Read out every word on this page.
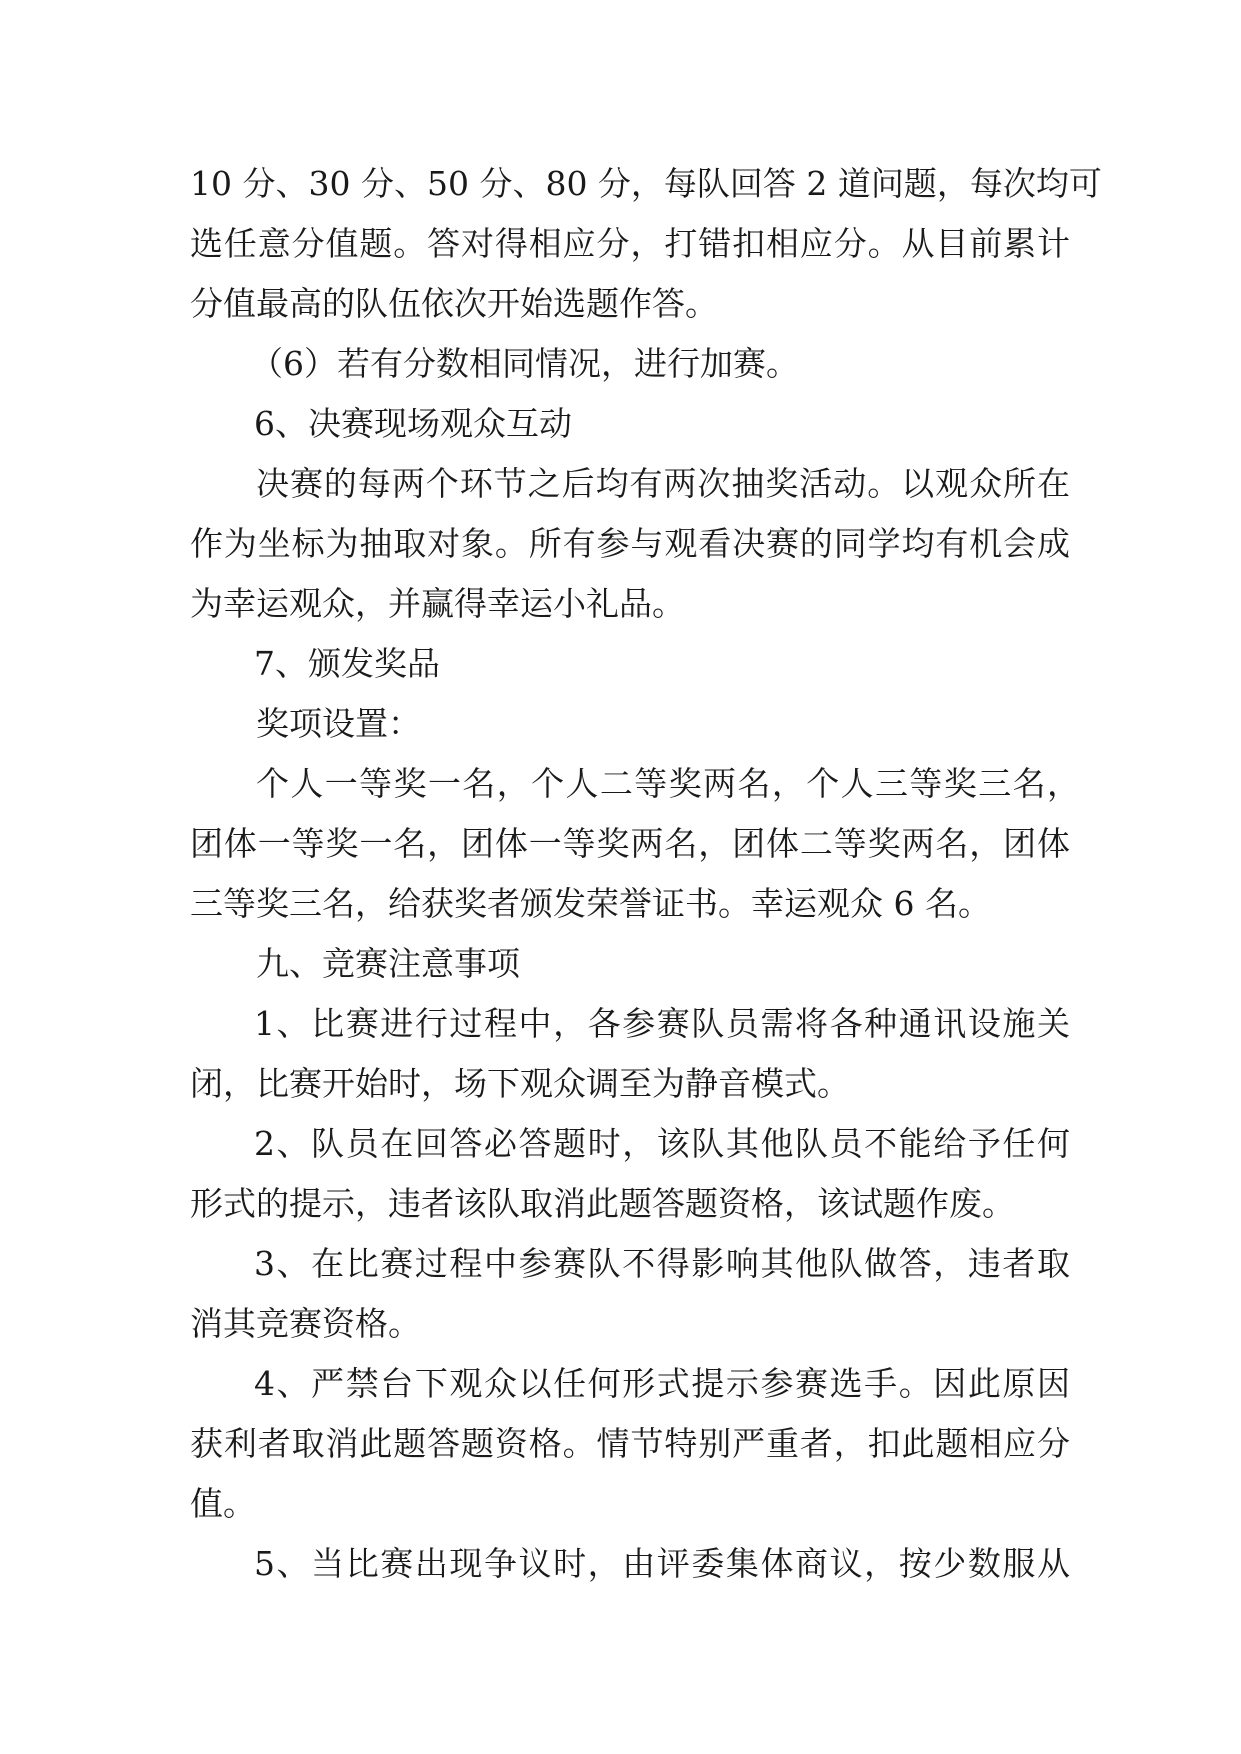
10 分、30 分、50 分、80 分，每队回答 2 道问题，每次均可
选任意分值题。答对得相应分，打错扣相应分。从目前累计
分值最高的队伍依次开始选题作答。
（6）若有分数相同情况，进行加赛。
6、决赛现场观众互动
决赛的每两个环节之后均有两次抽奖活动。以观众所在
作为坐标为抽取对象。所有参与观看决赛的同学均有机会成
为幸运观众，并赢得幸运小礼品。
7、颁发奖品
奖项设置：
个人一等奖一名，个人二等奖两名，个人三等奖三名，
团体一等奖一名，团体一等奖两名，团体二等奖两名，团体
三等奖三名，给获奖者颁发荣誉证书。幸运观众 6 名。
九、竞赛注意事项
1、比赛进行过程中，各参赛队员需将各种通讯设施关
闭，比赛开始时，场下观众调至为静音模式。
2、队员在回答必答题时，该队其他队员不能给予任何
形式的提示，违者该队取消此题答题资格，该试题作废。
3、在比赛过程中参赛队不得影响其他队做答，违者取
消其竞赛资格。
4、严禁台下观众以任何形式提示参赛选手。因此原因
获利者取消此题答题资格。情节特别严重者，扣此题相应分
值。
5、当比赛出现争议时，由评委集体商议，按少数服从
